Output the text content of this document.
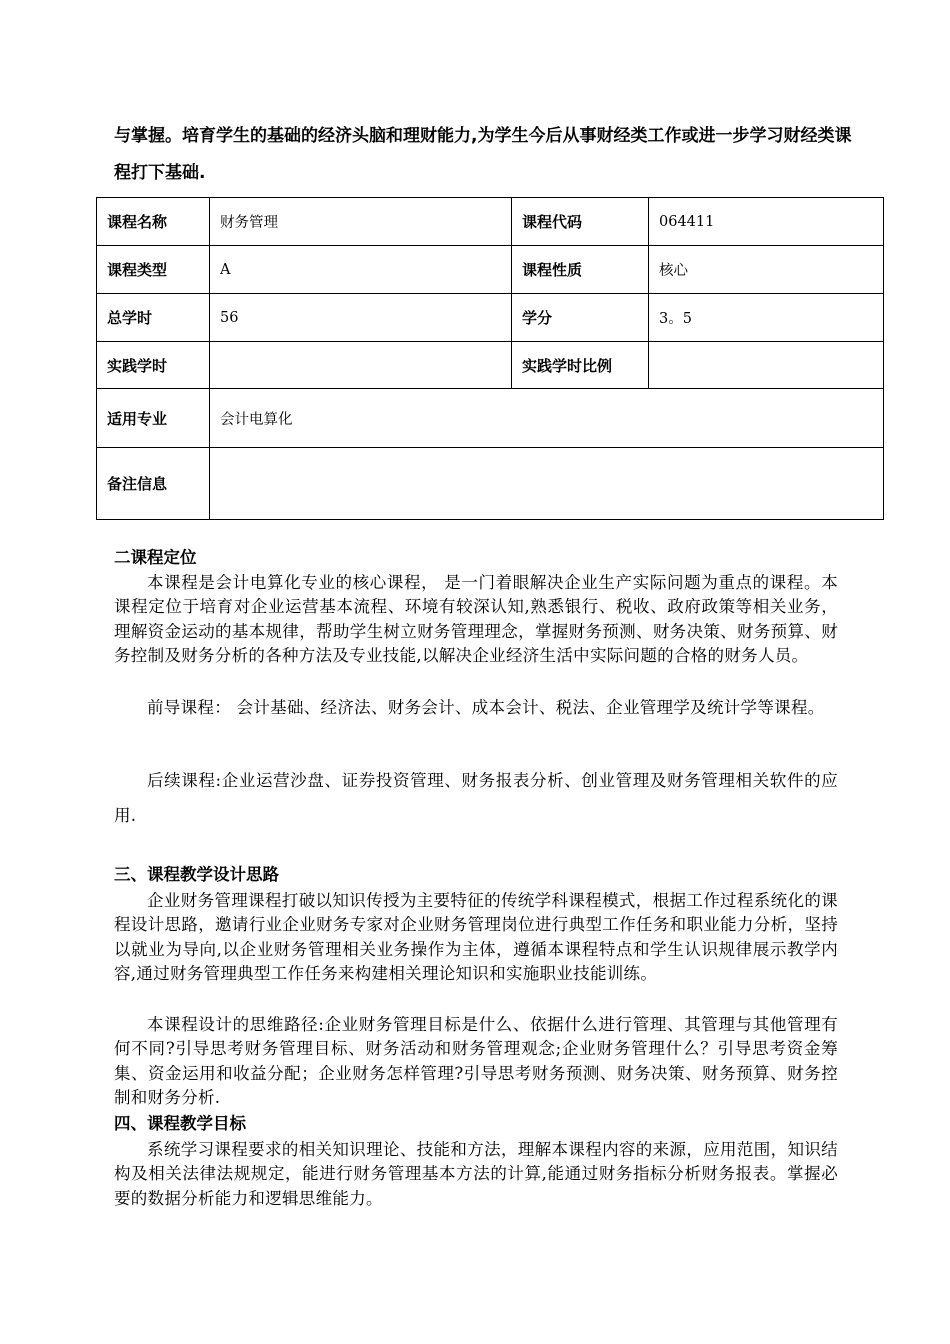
与掌握。培育学生的基础的经济头脑和理财能力,为学生今后从事财经类工作或进一步学习财经类课程打下基础.

课程名称	财务管理	课程代码	064411
课程类型	A	课程性质	核心
总学时	56	学分	3。5
实践学时		实践学时比例	
适用专业	会计电算化		
备注信息			
二课程定位

本课程是会计电算化专业的核心课程， 是一门着眼解决企业生产实际问题为重点的课程。本课程定位于培育对企业运营基本流程、环境有较深认知,熟悉银行、税收、政府政策等相关业务，理解资金运动的基本规律，帮助学生树立财务管理理念，掌握财务预测、财务决策、财务预算、财务控制及财务分析的各种方法及专业技能,以解决企业经济生活中实际问题的合格的财务人员。

前导课程： 会计基础、经济法、财务会计、成本会计、税法、企业管理学及统计学等课程。

后续课程:企业运营沙盘、证券投资管理、财务报表分析、创业管理及财务管理相关软件的应用.

三、课程教学设计思路

企业财务管理课程打破以知识传授为主要特征的传统学科课程模式，根据工作过程系统化的课程设计思路，邀请行业企业财务专家对企业财务管理岗位进行典型工作任务和职业能力分析，坚持以就业为导向,以企业财务管理相关业务操作为主体，遵循本课程特点和学生认识规律展示教学内容,通过财务管理典型工作任务来构建相关理论知识和实施职业技能训练。

本课程设计的思维路径:企业财务管理目标是什么、依据什么进行管理、其管理与其他管理有何不同?引导思考财务管理目标、财务活动和财务管理观念;企业财务管理什么？引导思考资金筹集、资金运用和收益分配；企业财务怎样管理?引导思考财务预测、财务决策、财务预算、财务控制和财务分析.

四、课程教学目标

系统学习课程要求的相关知识理论、技能和方法，理解本课程内容的来源，应用范围，知识结构及相关法律法规规定，能进行财务管理基本方法的计算,能通过财务指标分析财务报表。掌握必要的数据分析能力和逻辑思维能力。
